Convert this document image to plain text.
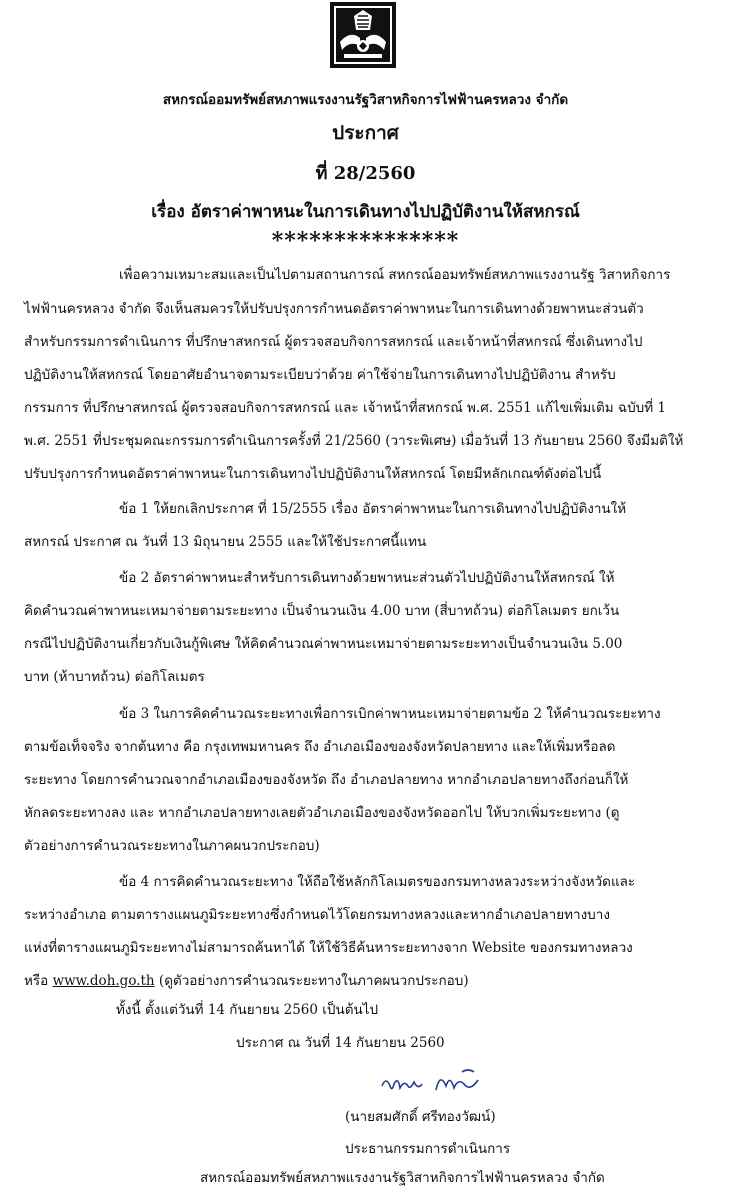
สหกรณ์ออมทรัพย์สหภาพแรงงานรัฐวิสาหกิจการไฟฟ้านครหลวง จำกัด
ประกาศ
ที่ 28/2560
เรื่อง อัตราค่าพาหนะในการเดินทางไปปฏิบัติงานให้สหกรณ์
***************
เพื่อความเหมาะสมและเป็นไปตามสถานการณ์ สหกรณ์ออมทรัพย์สหภาพแรงงานรัฐ วิสาหกิจการ
ไฟฟ้านครหลวง จำกัด จึงเห็นสมควรให้ปรับปรุงการกำหนดอัตราค่าพาหนะในการเดินทางด้วยพาหนะส่วนตัว
สำหรับกรรมการดำเนินการ ที่ปรึกษาสหกรณ์ ผู้ตรวจสอบกิจการสหกรณ์ และเจ้าหน้าที่สหกรณ์ ซึ่งเดินทางไป
ปฏิบัติงานให้สหกรณ์ โดยอาศัยอำนาจตามระเบียบว่าด้วย ค่าใช้จ่ายในการเดินทางไปปฏิบัติงาน สำหรับ
กรรมการ ที่ปรึกษาสหกรณ์ ผู้ตรวจสอบกิจการสหกรณ์ และ เจ้าหน้าที่สหกรณ์ พ.ศ. 2551 แก้ไขเพิ่มเติม ฉบับที่ 1
พ.ศ. 2551 ที่ประชุมคณะกรรมการดำเนินการครั้งที่ 21/2560 (วาระพิเศษ) เมื่อวันที่ 13 กันยายน 2560 จึงมีมติให้
ปรับปรุงการกำหนดอัตราค่าพาหนะในการเดินทางไปปฏิบัติงานให้สหกรณ์ โดยมีหลักเกณฑ์ดังต่อไปนี้
ข้อ 1 ให้ยกเลิกประกาศ ที่ 15/2555 เรื่อง อัตราค่าพาหนะในการเดินทางไปปฏิบัติงานให้
สหกรณ์ ประกาศ ณ วันที่ 13 มิถุนายน 2555 และให้ใช้ประกาศนี้แทน
ข้อ 2 อัตราค่าพาหนะสำหรับการเดินทางด้วยพาหนะส่วนตัวไปปฏิบัติงานให้สหกรณ์ ให้
คิดคำนวณค่าพาหนะเหมาจ่ายตามระยะทาง เป็นจำนวนเงิน 4.00 บาท (สี่บาทถ้วน) ต่อกิโลเมตร ยกเว้น
กรณีไปปฏิบัติงานเกี่ยวกับเงินกู้พิเศษ ให้คิดคำนวณค่าพาหนะเหมาจ่ายตามระยะทางเป็นจำนวนเงิน 5.00
บาท (ห้าบาทถ้วน) ต่อกิโลเมตร
ข้อ 3 ในการคิดคำนวณระยะทางเพื่อการเบิกค่าพาหนะเหมาจ่ายตามข้อ 2 ให้คำนวณระยะทาง
ตามข้อเท็จจริง จากต้นทาง คือ กรุงเทพมหานคร ถึง อำเภอเมืองของจังหวัดปลายทาง และให้เพิ่มหรือลด
ระยะทาง โดยการคำนวณจากอำเภอเมืองของจังหวัด ถึง อำเภอปลายทาง หากอำเภอปลายทางถึงก่อนก็ให้
หักลดระยะทางลง และ หากอำเภอปลายทางเลยตัวอำเภอเมืองของจังหวัดออกไป ให้บวกเพิ่มระยะทาง (ดู
ตัวอย่างการคำนวณระยะทางในภาคผนวกประกอบ)
ข้อ 4 การคิดคำนวณระยะทาง ให้ถือใช้หลักกิโลเมตรของกรมทางหลวงระหว่างจังหวัดและ
ระหว่างอำเภอ ตามตารางแผนภูมิระยะทางซึ่งกำหนดไว้โดยกรมทางหลวงและหากอำเภอปลายทางบาง
แห่งที่ตารางแผนภูมิระยะทางไม่สามารถค้นหาได้ ให้ใช้วิธีค้นหาระยะทางจาก Website ของกรมทางหลวง
หรือ www.doh.go.th (ดูตัวอย่างการคำนวณระยะทางในภาคผนวกประกอบ)
ทั้งนี้ ตั้งแต่วันที่ 14 กันยายน 2560 เป็นต้นไป
ประกาศ ณ วันที่ 14 กันยายน 2560
(นายสมศักดิ์ ศรีทองวัฒน์)
ประธานกรรมการดำเนินการ
สหกรณ์ออมทรัพย์สหภาพแรงงานรัฐวิสาหกิจการไฟฟ้านครหลวง จำกัด
